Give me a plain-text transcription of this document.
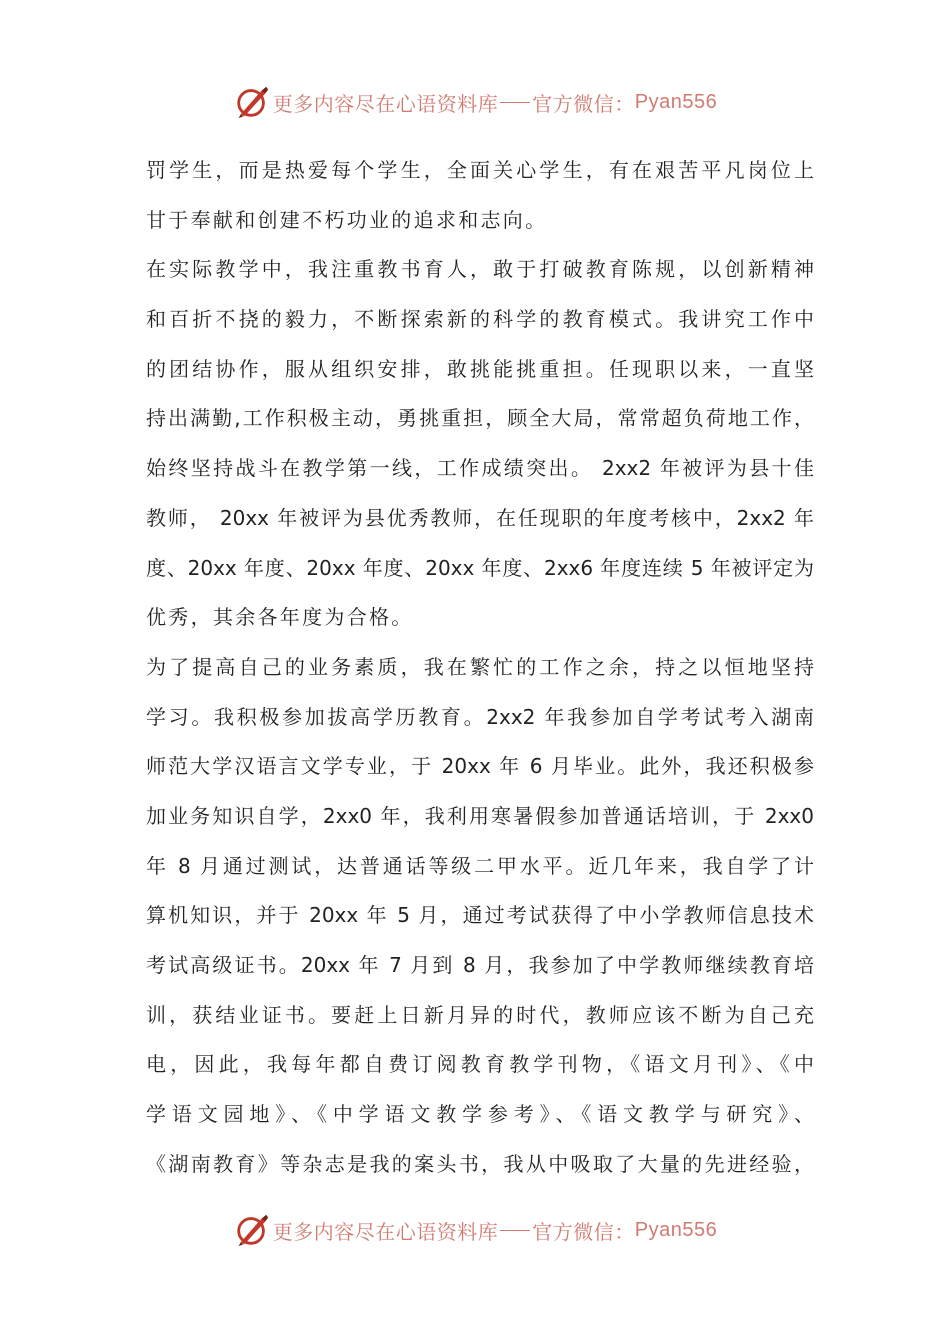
更多内容尽在心语资料库 官方微信： Pyan556
罚学生，而是热爱每个学生，全面关心学生，有在艰苦平凡岗位上
甘于奉献和创建不朽功业的追求和志向。
在实际教学中，我注重教书育人，敢于打破教育陈规，以创新精神
和百折不挠的毅力，不断探索新的科学的教育模式。我讲究工作中
的团结协作，服从组织安排，敢挑能挑重担。任现职以来，一直坚
持出满勤,工作积极主动，勇挑重担，顾全大局，常常超负荷地工作，
始终坚持战斗在教学第一线，工作成绩突出。 2xx2 年被评为县十佳
教师， 20xx 年被评为县优秀教师，在任现职的年度考核中，2xx2 年
度、20xx 年度、20xx 年度、20xx 年度、2xx6 年度连续 5 年被评定为
优秀，其余各年度为合格。
为了提高自己的业务素质，我在繁忙的工作之余，持之以恒地坚持
学习。我积极参加拔高学历教育。2xx2 年我参加自学考试考入湖南
师范大学汉语言文学专业，于 20xx 年 6 月毕业。此外，我还积极参
加业务知识自学，2xx0 年，我利用寒暑假参加普通话培训，于 2xx0
年 8 月通过测试，达普通话等级二甲水平。近几年来，我自学了计
算机知识，并于 20xx 年 5 月，通过考试获得了中小学教师信息技术
考试高级证书。20xx 年 7 月到 8 月，我参加了中学教师继续教育培
训，获结业证书。要赶上日新月异的时代，教师应该不断为自己充
电，因此，我每年都自费订阅教育教学刊物，《语文月刊》、《中
学语文园地》、《中学语文教学参考》、《语文教学与研究》、
《湖南教育》等杂志是我的案头书，我从中吸取了大量的先进经验，
更多内容尽在心语资料库 官方微信： Pyan556
